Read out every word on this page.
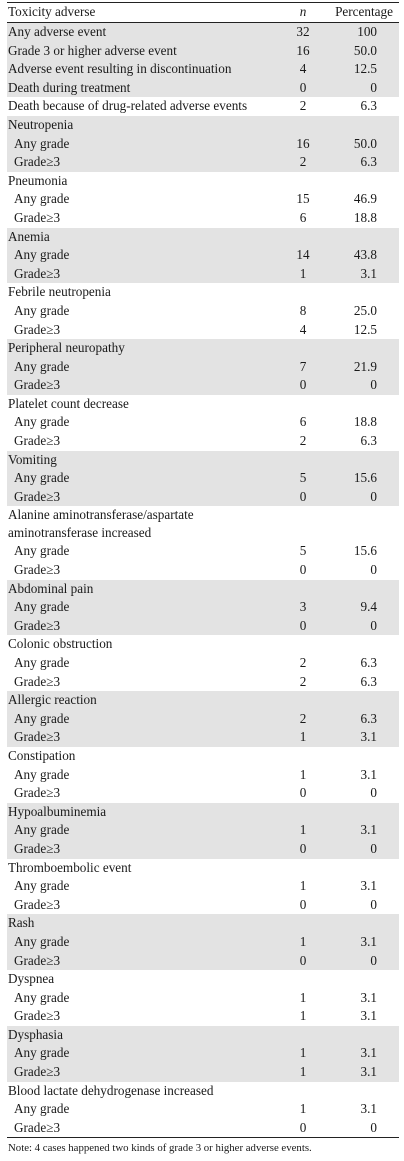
Toxicity adverse	n	Percentage
Any adverse event	32	100
Grade 3 or higher adverse event	16	50.0
Adverse event resulting in discontinuation	4	12.5
Death during treatment	0	0
Death because of drug-related adverse events	2	6.3
Neutropenia		
Any grade	16	50.0
Grade≥3	2	6.3
Pneumonia		
Any grade	15	46.9
Grade≥3	6	18.8
Anemia		
Any grade	14	43.8
Grade≥3	1	3.1
Febrile neutropenia		
Any grade	8	25.0
Grade≥3	4	12.5
Peripheral neuropathy		
Any grade	7	21.9
Grade≥3	0	0
Platelet count decrease		
Any grade	6	18.8
Grade≥3	2	6.3
Vomiting		
Any grade	5	15.6
Grade≥3	0	0
Alanine aminotransferase/aspartate aminotransferase increased		
Any grade	5	15.6
Grade≥3	0	0
Abdominal pain		
Any grade	3	9.4
Grade≥3	0	0
Colonic obstruction		
Any grade	2	6.3
Grade≥3	2	6.3
Allergic reaction		
Any grade	2	6.3
Grade≥3	1	3.1
Constipation		
Any grade	1	3.1
Grade≥3	0	0
Hypoalbuminemia		
Any grade	1	3.1
Grade≥3	0	0
Thromboembolic event		
Any grade	1	3.1
Grade≥3	0	0
Rash		
Any grade	1	3.1
Grade≥3	0	0
Dyspnea		
Any grade	1	3.1
Grade≥3	1	3.1
Dysphasia		
Any grade	1	3.1
Grade≥3	1	3.1
Blood lactate dehydrogenase increased		
Any grade	1	3.1
Grade≥3	0	0
Note: 4 cases happened two kinds of grade 3 or higher adverse events.
